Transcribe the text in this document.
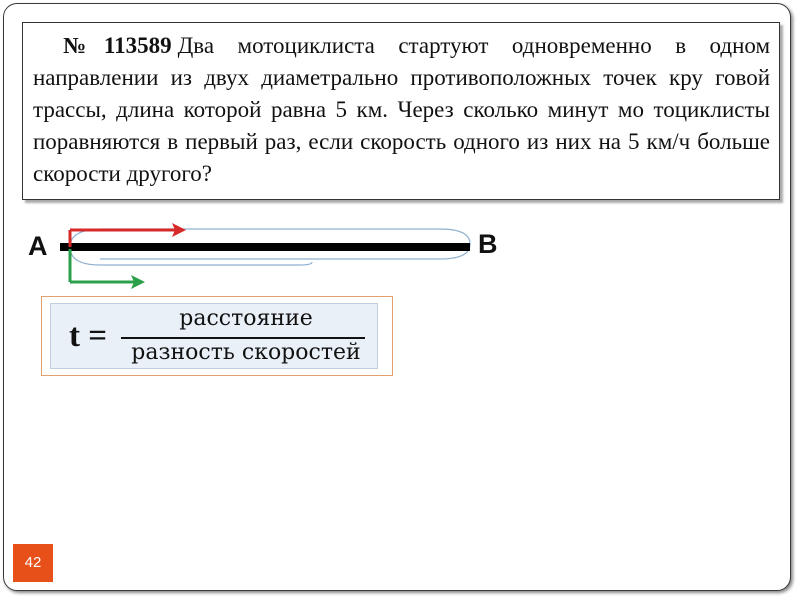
№113589 Два мотоциклиста стартуют одновременно в одном направлении из двух диаметрально противоположных точек кру говой трассы, длина которой равна 5 км. Через сколько минут мо тоциклисты поравняются в первый раз, если скорость одного из них на 5 км/ч больше скорости другого?

А	В
t =	расстояние
разность скоростей
42
